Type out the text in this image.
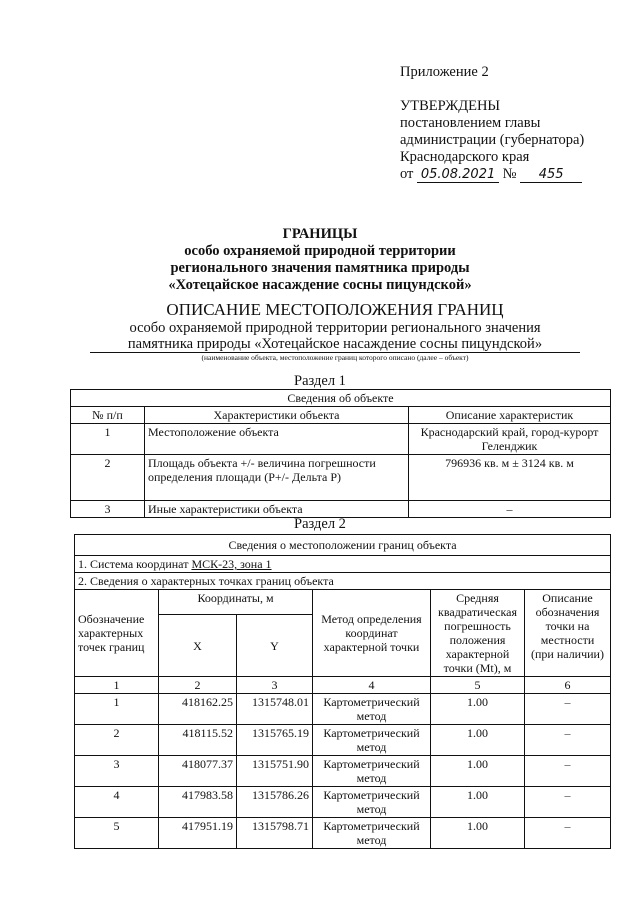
Приложение 2
УТВЕРЖДЕНЫ
постановлением главы
администрации (губернатора)
Краснодарского края
от 05.08.2021 № 455
ГРАНИЦЫ
особо охраняемой природной территории
регионального значения памятника природы
«Хотецайское насаждение сосны пицундской»
ОПИСАНИЕ МЕСТОПОЛОЖЕНИЯ ГРАНИЦ
особо охраняемой природной территории регионального значения
памятника природы «Хотецайское насаждение сосны пицундской»
(наименование объекта, местоположение границ которого описано (далее – объект)
Раздел 1
Сведения об объекте		
№ п/п	Характеристики объекта	Описание характеристик
1	Местоположение объекта	Краснодарский край, город-курорт Геленджик
2	Площадь объекта +/- величина погрешности определения площади (Р+/- Дельта Р)	796936 кв. м ± 3124 кв. м
3	Иные характеристики объекта	–
Раздел 2
Сведения о местоположении границ объекта					
1. Система координат МСК-23, зона 1					
2. Сведения о характерных точках границ объекта					
Обозначение характерных точек границ	Координаты, м		Метод определения координат характерной точки	Средняя квадратическая погрешность положения характерной точки (Mt), м	Описание обозначения точки на местности (при наличии)
	X	Y			
1	2	3	4	5	6
1	418162.25	1315748.01	Картометрический метод	1.00	–
2	418115.52	1315765.19	Картометрический метод	1.00	–
3	418077.37	1315751.90	Картометрический метод	1.00	–
4	417983.58	1315786.26	Картометрический метод	1.00	–
5	417951.19	1315798.71	Картометрический метод	1.00	–
